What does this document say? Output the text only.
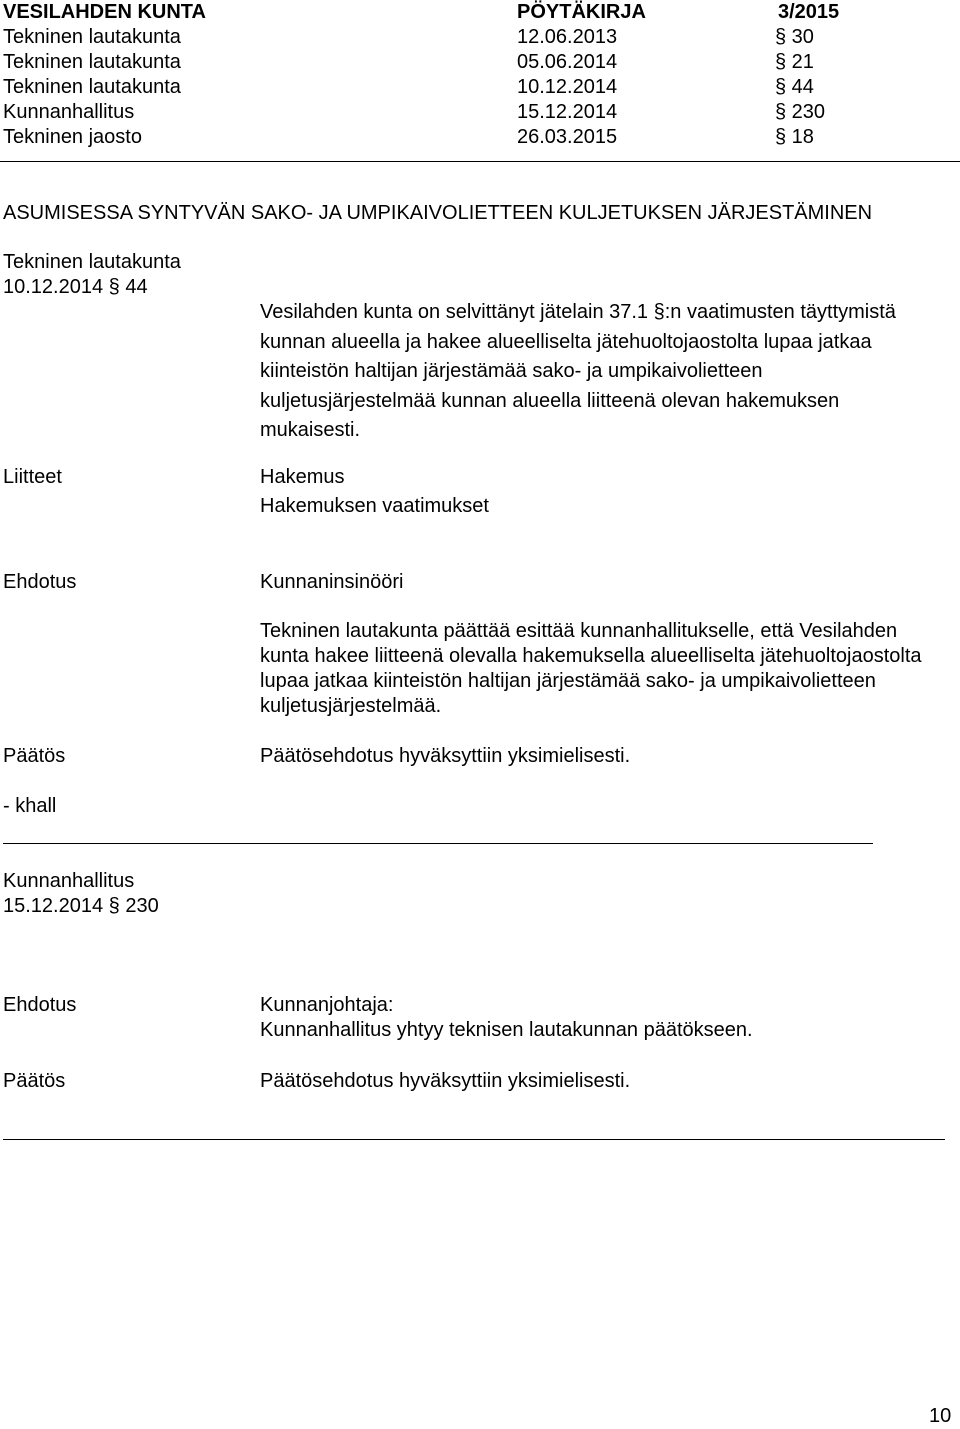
VESILAHDEN KUNTA	PÖYTÄKIRJA	3/2015
Tekninen lautakunta	12.06.2013	§ 30
Tekninen lautakunta	05.06.2014	§ 21
Tekninen lautakunta	10.12.2014	§ 44
Kunnanhallitus	15.12.2014	§ 230
Tekninen jaosto	26.03.2015	§ 18
ASUMISESSA SYNTYVÄN SAKO- JA UMPIKAIVOLIETTEEN KULJETUKSEN JÄRJESTÄMINEN
Tekninen lautakunta
10.12.2014 § 44
Vesilahden kunta on selvittänyt jätelain 37.1 §:n vaatimusten täyttymistä kunnan alueella ja hakee alueelliselta jätehuoltojaostolta lupaa jatkaa kiinteistön haltijan järjestämää sako- ja umpikaivolietteen kuljetusjärjestelmää kunnan alueella liitteenä olevan hakemuksen mukaisesti.
Liitteet	Hakemus
Hakemuksen vaatimukset
Ehdotus	Kunnaninsinööri
Tekninen lautakunta päättää esittää kunnanhallitukselle, että Vesilahden kunta hakee liitteenä olevalla hakemuksella alueelliselta jätehuoltojaostolta lupaa jatkaa kiinteistön haltijan järjestämää sako- ja umpikaivolietteen kuljetusjärjestelmää.
Päätös	Päätösehdotus hyväksyttiin yksimielisesti.
- khall
Kunnanhallitus
15.12.2014 § 230
Ehdotus	Kunnanjohtaja:
Kunnanhallitus yhtyy teknisen lautakunnan päätökseen.
Päätös	Päätösehdotus hyväksyttiin yksimielisesti.
10
